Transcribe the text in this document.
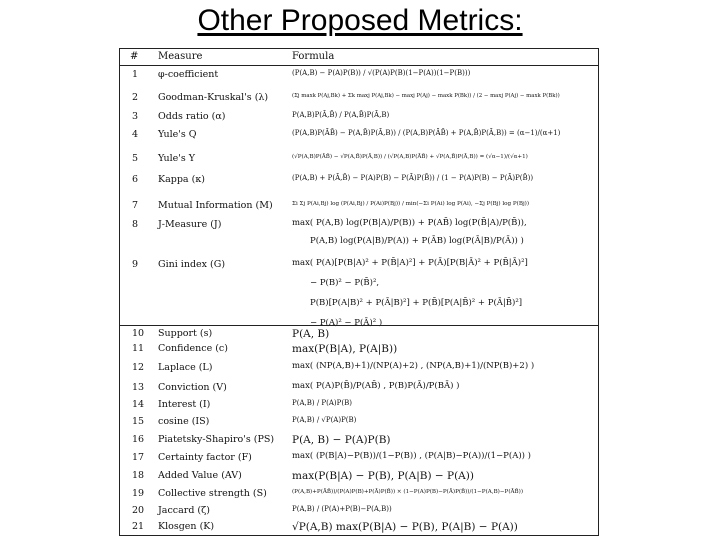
Other Proposed Metrics:
# Measure	Formula
1 φ-coefficient	(P(A,B) − P(A)P(B)) / √(P(A)P(B)(1−P(A))(1−P(B)))
2 Goodman-Kruskal's (λ)	(Σj maxk P(Aj,Bk) + Σk maxj P(Aj,Bk) − maxj P(Aj) − maxk P(Bk)) / (2 − maxj P(Aj) − maxk P(Bk))
3 Odds ratio (α)	P(A,B)P(Ā,B̄) / P(A,B̄)P(Ā,B)
4 Yule's Q	(P(A,B)P(ĀB̄) − P(A,B̄)P(Ā,B)) / (P(A,B)P(ĀB̄) + P(A,B̄)P(Ā,B)) = (α−1)/(α+1)
5 Yule's Y	(√P(A,B)P(ĀB̄) − √P(A,B̄)P(Ā,B)) / (√P(A,B)P(ĀB̄) + √P(A,B̄)P(Ā,B)) = (√α−1)/(√α+1)
6 Kappa (κ)	(P(A,B) + P(Ā,B̄) − P(A)P(B) − P(Ā)P(B̄)) / (1 − P(A)P(B) − P(Ā)P(B̄))
7 Mutual Information (M)	Σi Σj P(Ai,Bj) log (P(Ai,Bj) / P(Ai)P(Bj)) / min(−Σi P(Ai) log P(Ai), −Σj P(Bj) log P(Bj))
8 J-Measure (J)	max( P(A,B) log(P(B|A)/P(B)) + P(AB̄) log(P(B̄|A)/P(B̄)),
P(A,B) log(P(A|B)/P(A)) + P(ĀB) log(P(Ā|B)/P(Ā)) )
9 Gini index (G)	max( P(A)[P(B|A)² + P(B̄|A)²] + P(Ā)[P(B|Ā)² + P(B̄|Ā)²]
− P(B)² − P(B̄)²,
P(B)[P(A|B)² + P(Ā|B)²] + P(B̄)[P(A|B̄)² + P(Ā|B̄)²]
− P(A)² − P(Ā)² )
10 Support (s)	P(A, B)
11 Confidence (c)	max(P(B|A), P(A|B))
12 Laplace (L)	max( (NP(A,B)+1)/(NP(A)+2) , (NP(A,B)+1)/(NP(B)+2) )
13 Conviction (V)	max( P(A)P(B̄)/P(AB̄) , P(B)P(Ā)/P(BĀ) )
14 Interest (I)	P(A,B) / P(A)P(B)
15 cosine (IS)	P(A,B) / √P(A)P(B)
16 Piatetsky-Shapiro's (PS) P(A, B) − P(A)P(B)
17 Certainty factor (F)	max( (P(B|A)−P(B))/(1−P(B)) , (P(A|B)−P(A))/(1−P(A)) )
18 Added Value (AV)	max(P(B|A) − P(B), P(A|B) − P(A))
19 Collective strength (S)	(P(A,B)+P(ĀB̄))/(P(A)P(B)+P(Ā)P(B̄)) × (1−P(A)P(B)−P(Ā)P(B̄))/(1−P(A,B)−P(ĀB̄))
20 Jaccard (ζ)	P(A,B) / (P(A)+P(B)−P(A,B))
21 Klosgen (K)	√P(A,B) max(P(B|A) − P(B), P(A|B) − P(A))
